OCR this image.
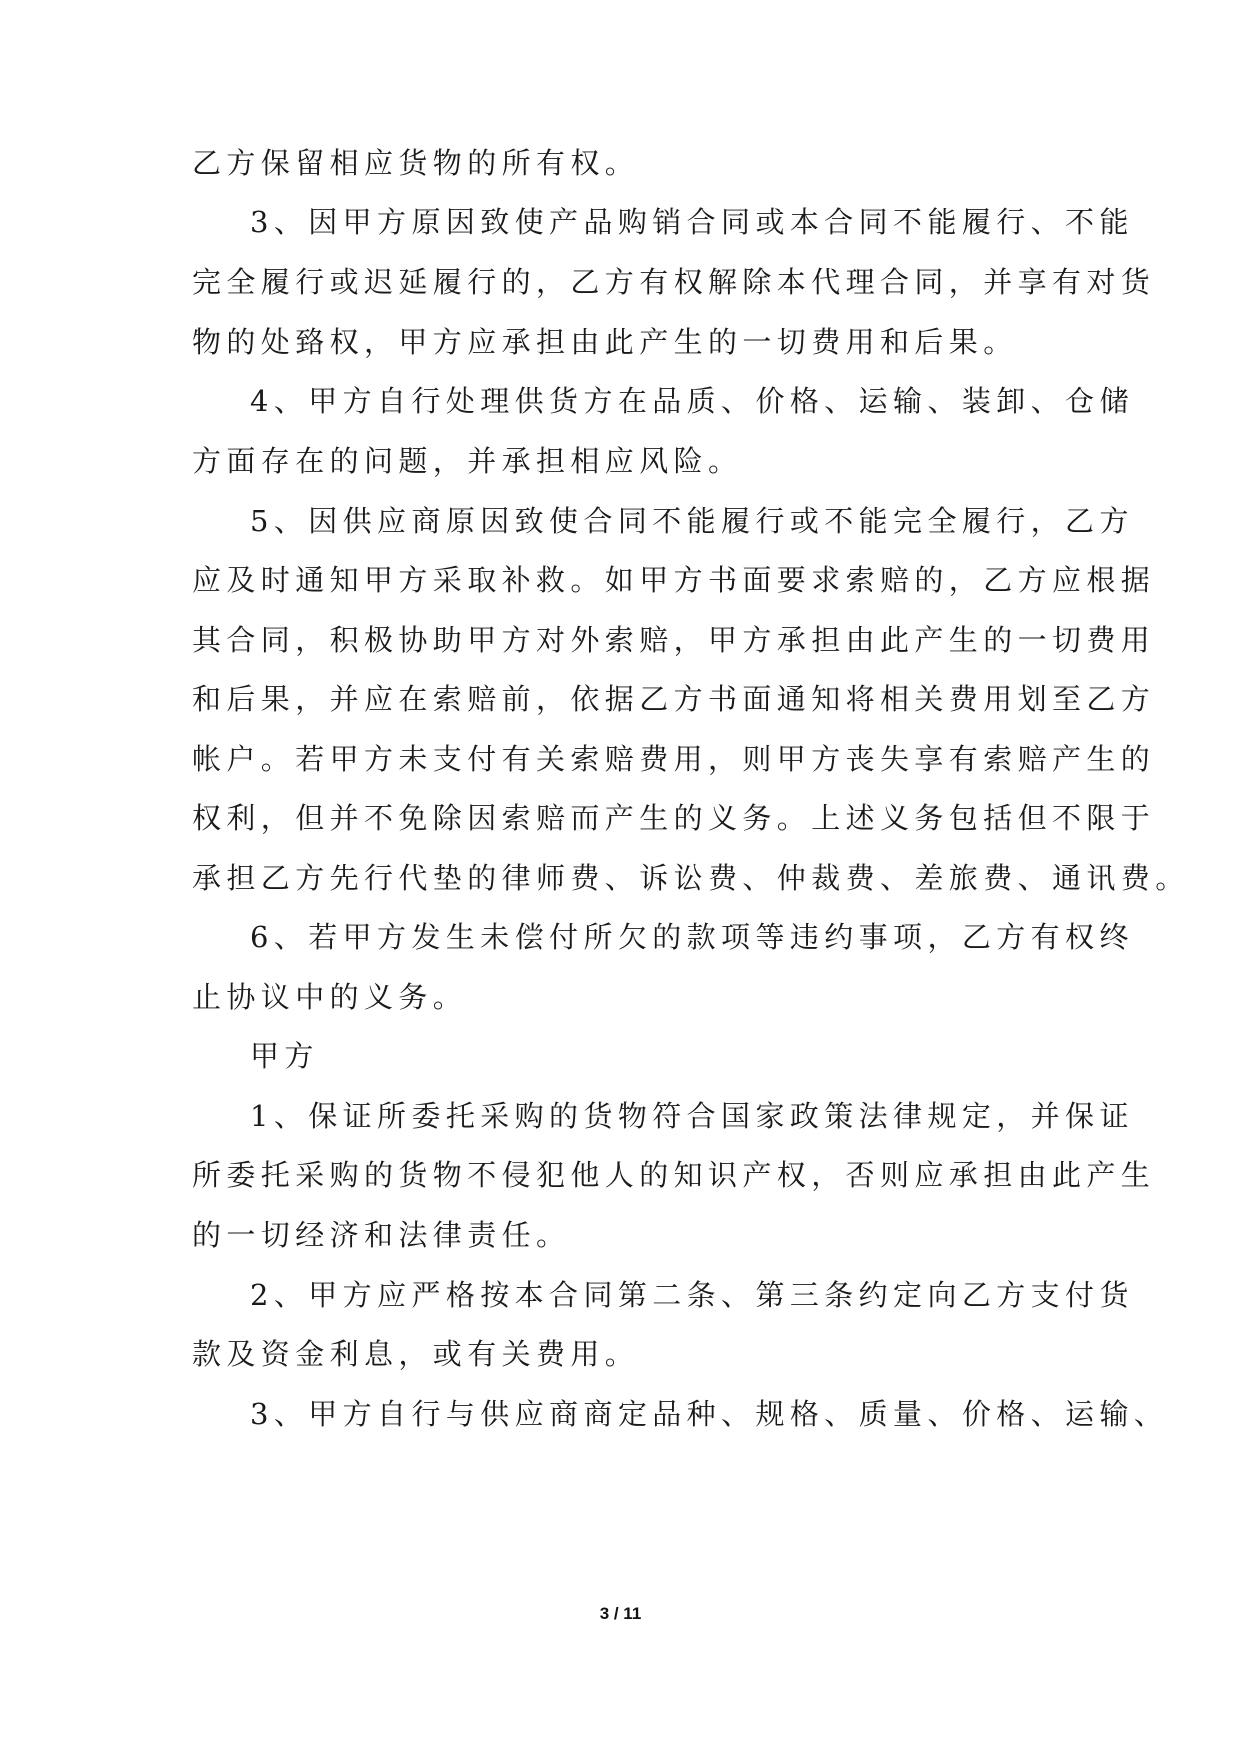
乙方保留相应货物的所有权。

3、因甲方原因致使产品购销合同或本合同不能履行、不能

完全履行或迟延履行的，乙方有权解除本代理合同，并享有对货

物的处臵权，甲方应承担由此产生的一切费用和后果。

4、甲方自行处理供货方在品质、价格、运输、装卸、仓储

方面存在的问题，并承担相应风险。

5、因供应商原因致使合同不能履行或不能完全履行，乙方

应及时通知甲方采取补救。如甲方书面要求索赔的，乙方应根据

其合同，积极协助甲方对外索赔，甲方承担由此产生的一切费用

和后果，并应在索赔前，依据乙方书面通知将相关费用划至乙方

帐户。若甲方未支付有关索赔费用，则甲方丧失享有索赔产生的

权利，但并不免除因索赔而产生的义务。上述义务包括但不限于

承担乙方先行代垫的律师费、诉讼费、仲裁费、差旅费、通讯费。

6、若甲方发生未偿付所欠的款项等违约事项，乙方有权终

止协议中的义务。

甲方

1、保证所委托采购的货物符合国家政策法律规定，并保证

所委托采购的货物不侵犯他人的知识产权，否则应承担由此产生

的一切经济和法律责任。

2、甲方应严格按本合同第二条、第三条约定向乙方支付货

款及资金利息，或有关费用。

3、甲方自行与供应商商定品种、规格、质量、价格、运输、

3 / 11
